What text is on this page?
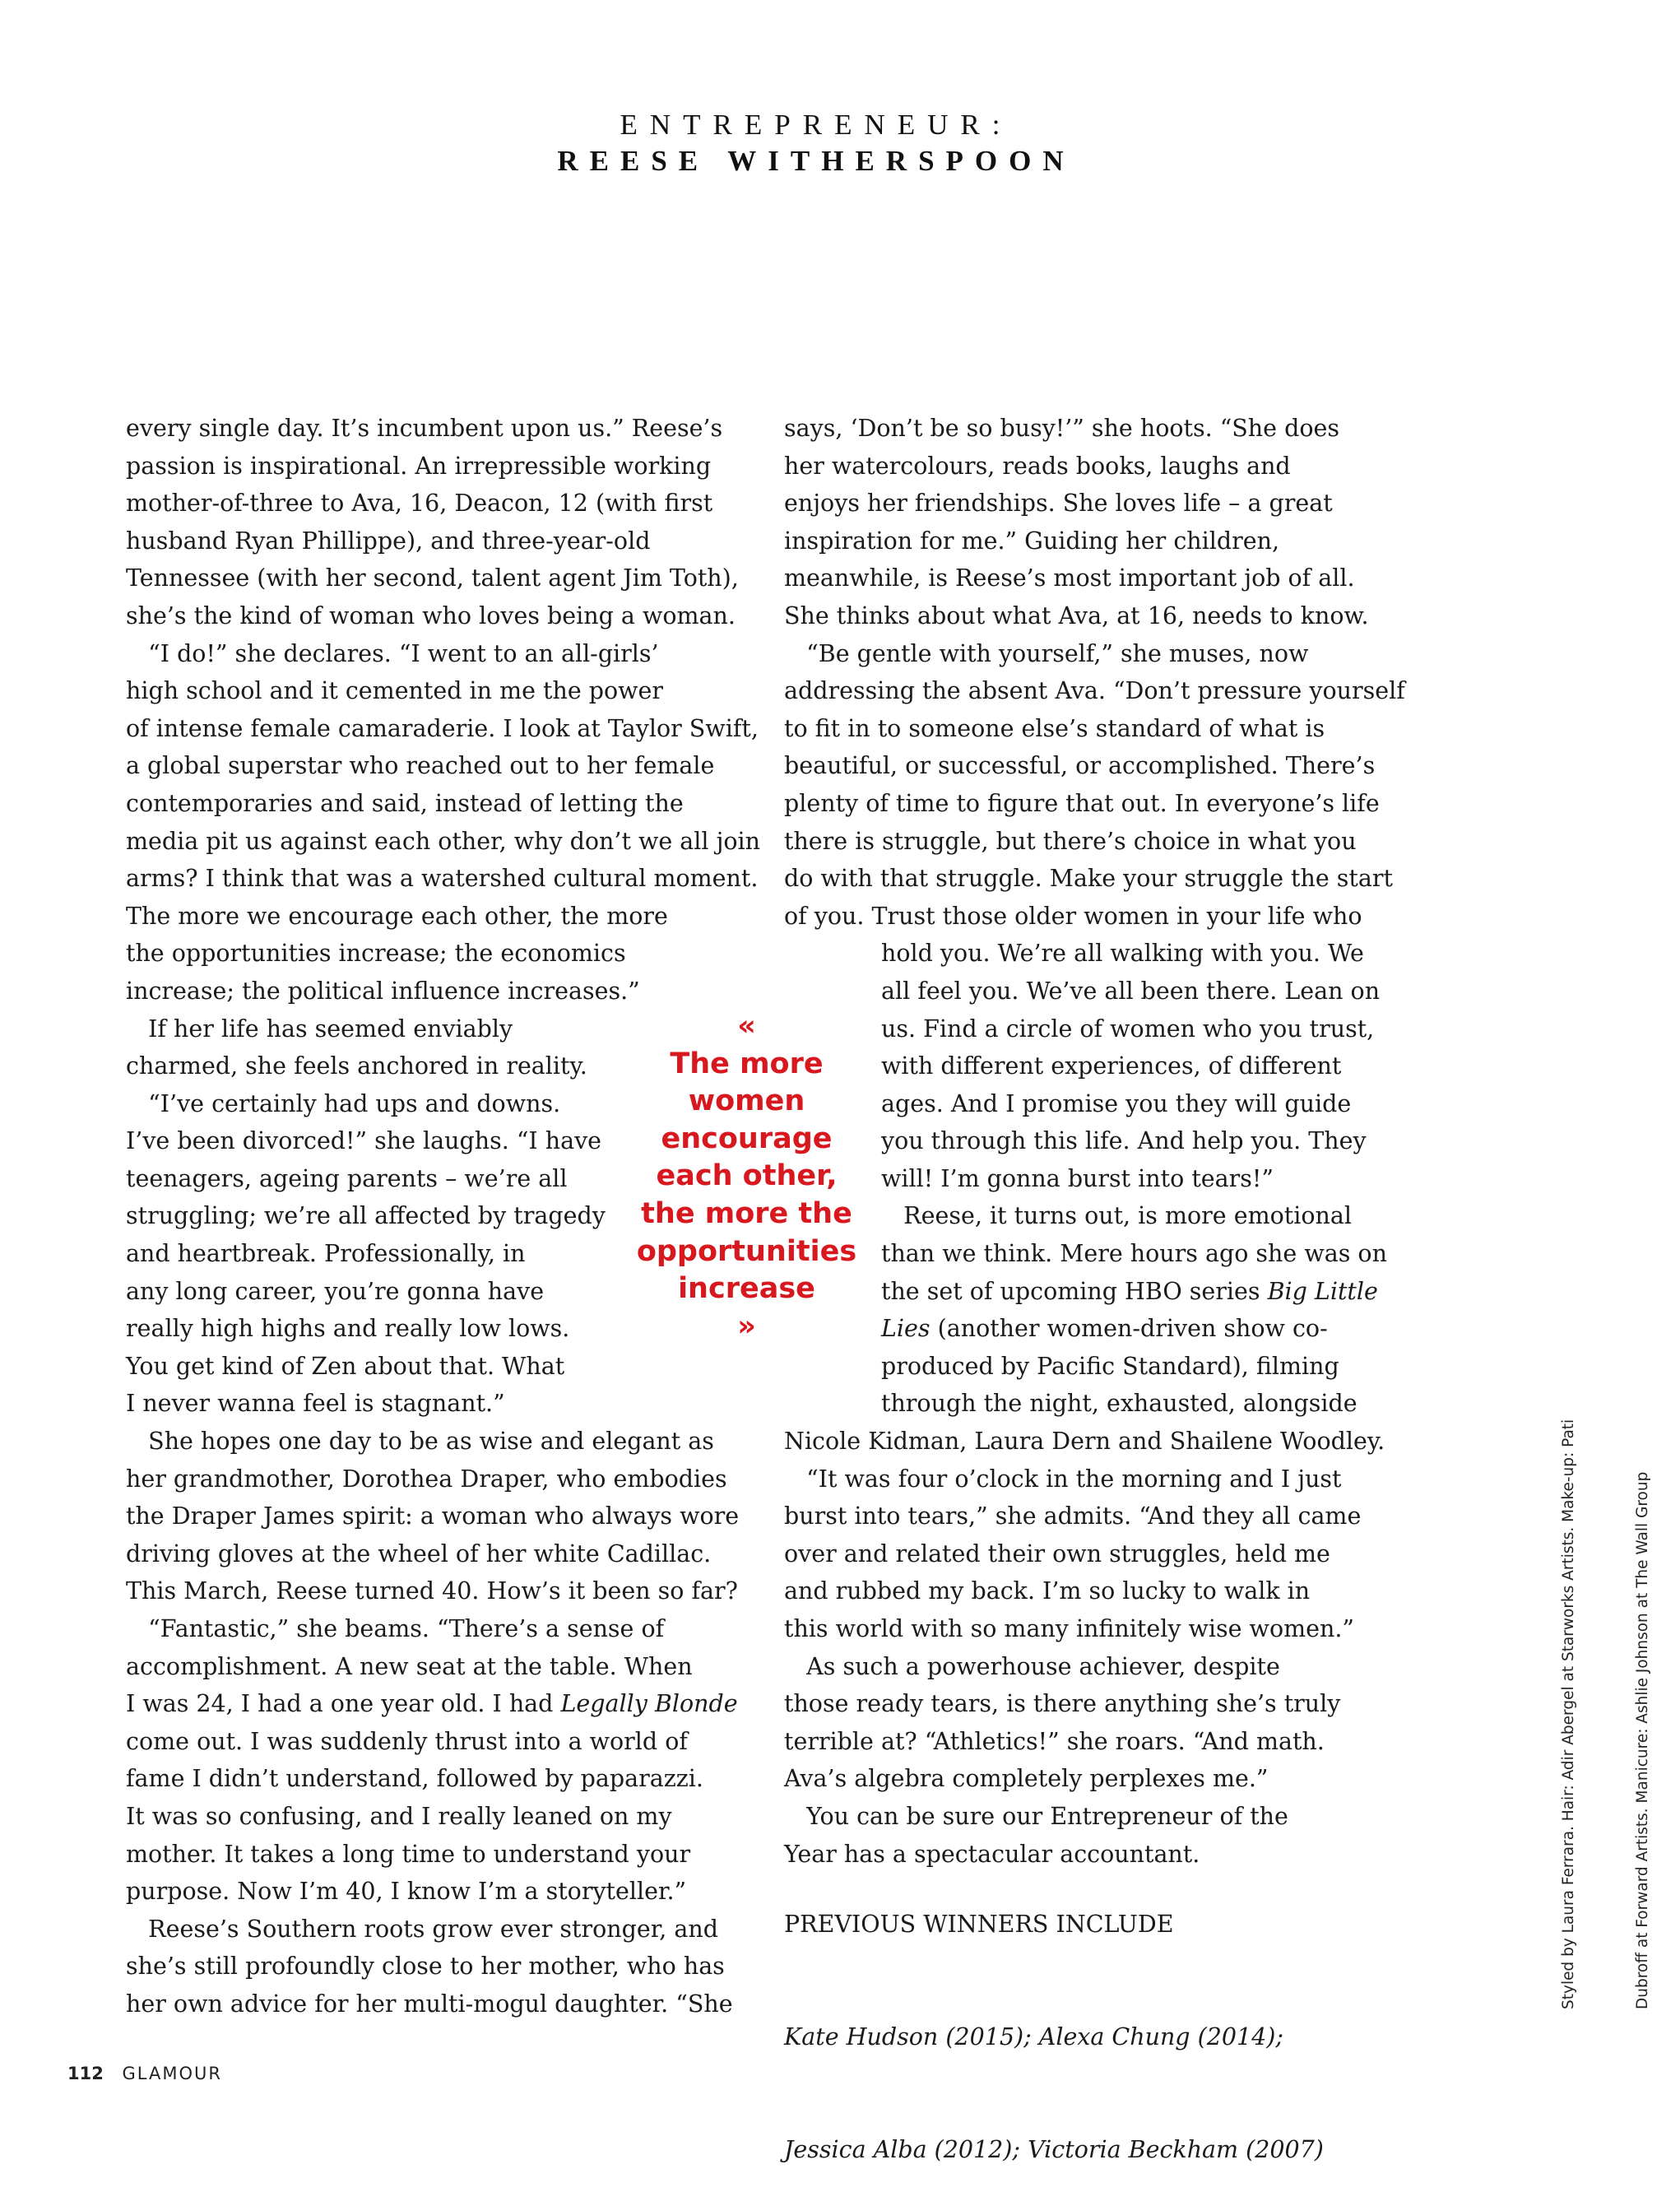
ENTREPRENEUR:
REESE WITHERSPOON
every single day. It’s incumbent upon us.” Reese’s
passion is inspirational. An irrepressible working
mother-of-three to Ava, 16, Deacon, 12 (with first
husband Ryan Phillippe), and three-year-old
Tennessee (with her second, talent agent Jim Toth),
she’s the kind of woman who loves being a woman.
“I do!” she declares. “I went to an all-girls’
high school and it cemented in me the power
of intense female camaraderie. I look at Taylor Swift,
a global superstar who reached out to her female
contemporaries and said, instead of letting the
media pit us against each other, why don’t we all join
arms? I think that was a watershed cultural moment.
The more we encourage each other, the more
the opportunities increase; the economics
increase; the political influence increases.”
If her life has seemed enviably
charmed, she feels anchored in reality.
“I’ve certainly had ups and downs.
I’ve been divorced!” she laughs. “I have
teenagers, ageing parents – we’re all
struggling; we’re all affected by tragedy
and heartbreak. Professionally, in
any long career, you’re gonna have
really high highs and really low lows.
You get kind of Zen about that. What
I never wanna feel is stagnant.”
She hopes one day to be as wise and elegant as
her grandmother, Dorothea Draper, who embodies
the Draper James spirit: a woman who always wore
driving gloves at the wheel of her white Cadillac.
This March, Reese turned 40. How’s it been so far?
“Fantastic,” she beams. “There’s a sense of
accomplishment. A new seat at the table. When
I was 24, I had a one year old. I had Legally Blonde
come out. I was suddenly thrust into a world of
fame I didn’t understand, followed by paparazzi.
It was so confusing, and I really leaned on my
mother. It takes a long time to understand your
purpose. Now I’m 40, I know I’m a storyteller.”
Reese’s Southern roots grow ever stronger, and
she’s still profoundly close to her mother, who has
her own advice for her multi-mogul daughter. “She
says, ‘Don’t be so busy!’” she hoots. “She does
her watercolours, reads books, laughs and
enjoys her friendships. She loves life – a great
inspiration for me.” Guiding her children,
meanwhile, is Reese’s most important job of all.
She thinks about what Ava, at 16, needs to know.
“Be gentle with yourself,” she muses, now
addressing the absent Ava. “Don’t pressure yourself
to fit in to someone else’s standard of what is
beautiful, or successful, or accomplished. There’s
plenty of time to figure that out. In everyone’s life
there is struggle, but there’s choice in what you
do with that struggle. Make your struggle the start
of you. Trust those older women in your life who
hold you. We’re all walking with you. We
all feel you. We’ve all been there. Lean on
us. Find a circle of women who you trust,
with different experiences, of different
ages. And I promise you they will guide
you through this life. And help you. They
will! I’m gonna burst into tears!”
Reese, it turns out, is more emotional
than we think. Mere hours ago she was on
the set of upcoming HBO series Big Little
Lies (another women-driven show co-
produced by Pacific Standard), filming
through the night, exhausted, alongside
Nicole Kidman, Laura Dern and Shailene Woodley.
“It was four o’clock in the morning and I just
burst into tears,” she admits. “And they all came
over and related their own struggles, held me
and rubbed my back. I’m so lucky to walk in
this world with so many infinitely wise women.”
As such a powerhouse achiever, despite
those ready tears, is there anything she’s truly
terrible at? “Athletics!” she roars. “And math.
Ava’s algebra completely perplexes me.”
You can be sure our Entrepreneur of the
Year has a spectacular accountant.
«
The more
women
encourage
each other,
the more the
opportunities
increase
»
PREVIOUS WINNERS INCLUDE

Kate Hudson (2015); Alexa Chung (2014);

Jessica Alba (2012); Victoria Beckham (2007)

Styled by Laura Ferrara. Hair: Adir Abergel at Starworks Artists. Make-up: Pati

	Dubroff at Forward Artists. Manicure: Ashlie Johnson at The Wall Group

112 GLAMOUR
